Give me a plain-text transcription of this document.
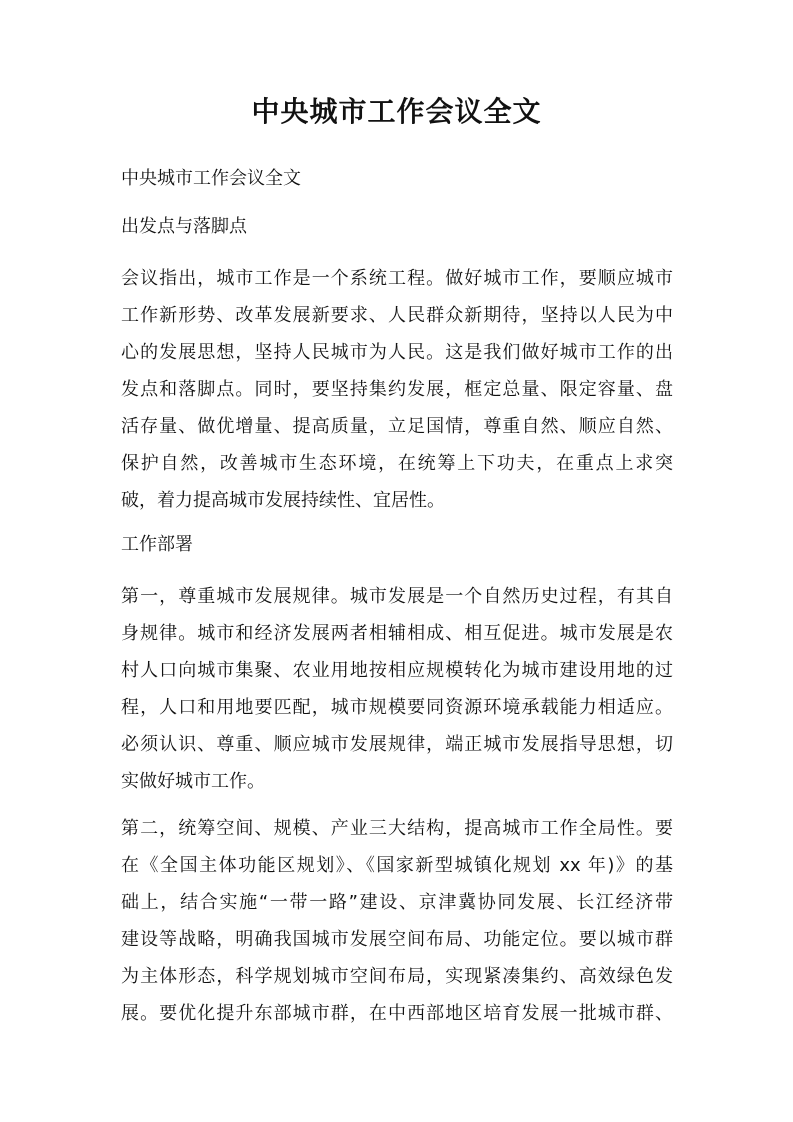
中央城市工作会议全文

中央城市工作会议全文

出发点与落脚点

会议指出，城市工作是一个系统工程。做好城市工作，要顺应城市
工作新形势、改革发展新要求、人民群众新期待，坚持以人民为中
心的发展思想，坚持人民城市为人民。这是我们做好城市工作的出
发点和落脚点。同时，要坚持集约发展，框定总量、限定容量、盘
活存量、做优增量、提高质量，立足国情，尊重自然、顺应自然、
保护自然，改善城市生态环境，在统筹上下功夫，在重点上求突
破，着力提高城市发展持续性、宜居性。

工作部署

第一，尊重城市发展规律。城市发展是一个自然历史过程，有其自
身规律。城市和经济发展两者相辅相成、相互促进。城市发展是农
村人口向城市集聚、农业用地按相应规模转化为城市建设用地的过
程，人口和用地要匹配，城市规模要同资源环境承载能力相适应。
必须认识、尊重、顺应城市发展规律，端正城市发展指导思想，切
实做好城市工作。

第二，统筹空间、规模、产业三大结构，提高城市工作全局性。要
在《全国主体功能区规划》、《国家新型城镇化规划 xx 年)》的基
础上，结合实施“一带一路”建设、京津冀协同发展、长江经济带
建设等战略，明确我国城市发展空间布局、功能定位。要以城市群
为主体形态，科学规划城市空间布局，实现紧凑集约、高效绿色发
展。要优化提升东部城市群，在中西部地区培育发展一批城市群、
